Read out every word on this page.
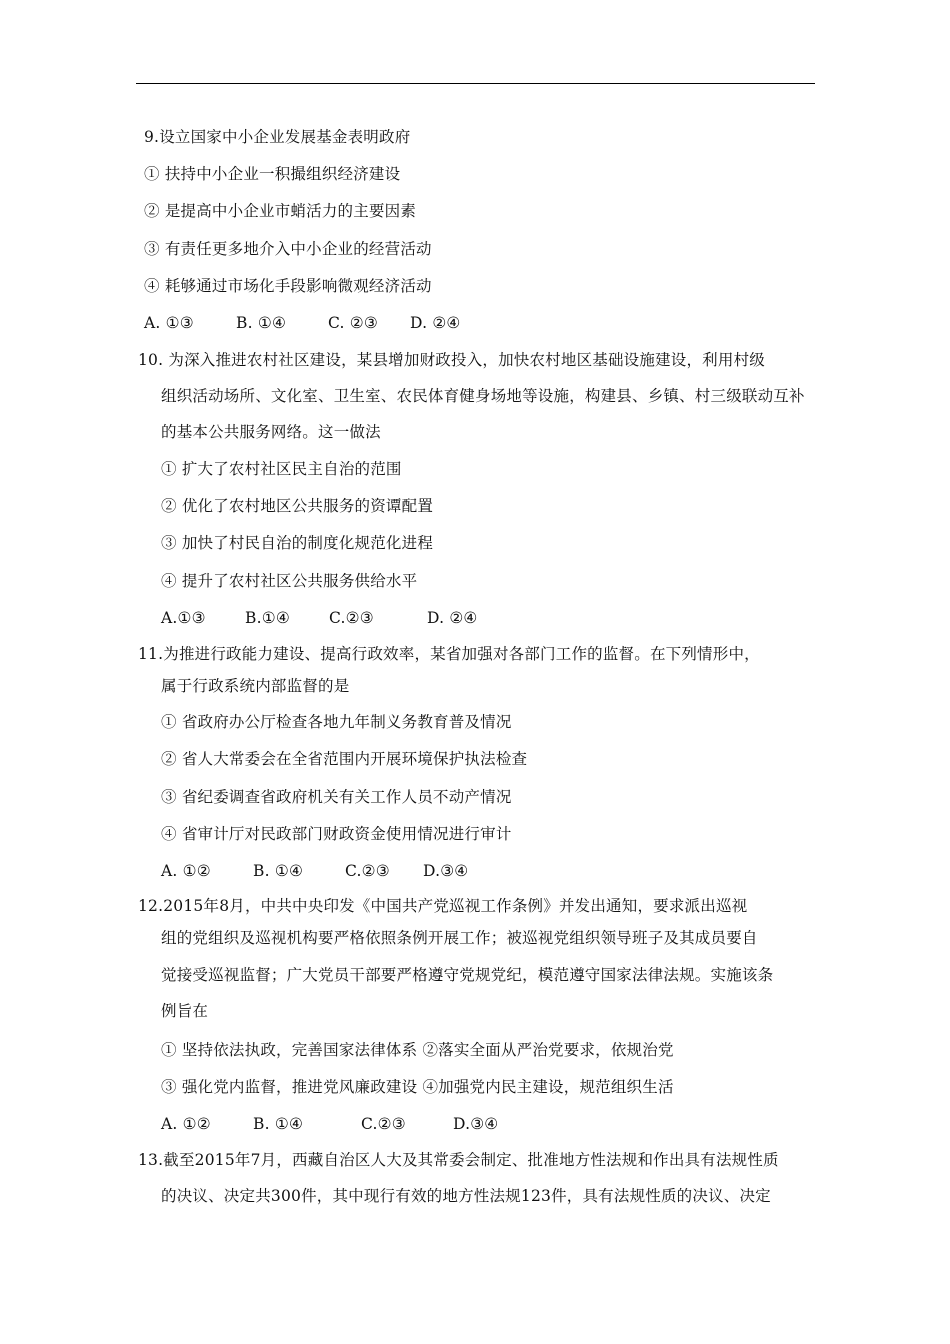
9.设立国家中小企业发展基金表明政府
① 扶持中小企业一积撮组织经济建设
② 是提高中小企业市蛸活力的主要因素
③ 有责任更多地介入中小企业的经营活动
④ 耗够通过市场化手段影响微观经济活动
A. ①③	B. ①④	C. ②③ D. ②④
10. 为深入推进农村社区建设，某县增加财政投入，加快农村地区基础设施建设，利用村级
组织活动场所、文化室、卫生室、农民体育健身场地等设施，构建县、乡镇、村三级联动互补
的基本公共服务网络。这一做法
① 扩大了农村社区民主自治的范围
② 优化了农村地区公共服务的资谭配置
③ 加快了村民自治的制度化规范化进程
④ 提升了农村社区公共服务供给水平
A.①③	B.①④	C.②③	D. ②④
11.为推进行政能力建设、提高行政效率，某省加强对各部门工作的监督。在下列情形中，
属于行政系统内部监督的是
① 省政府办公厅检查各地九年制义务教育普及情况
② 省人大常委会在全省范围内开展环境保护执法检查
③ 省纪委调查省政府机关有关工作人员不动产情况
④ 省审计厅对民政部门财政资金使用情况进行审计
A. ①②	B. ①④	C.②③ D.③④
12.2015年8月，中共中央印发《中国共产党巡视工作条例》并发出通知，要求派出巡视
组的党组织及巡视机构要严格依照条例开展工作；被巡视党组织领导班子及其成员要自
觉接受巡视监督；广大党员干部要严格遵守党规党纪，模范遵守国家法律法规。实施该条
例旨在
① 坚持依法执政，完善国家法律体系 ②落实全面从严治党要求，依规治党
③ 强化党内监督，推进党风廉政建设 ④加强党内民主建设，规范组织生活
A. ①②	B. ①④	C.②③	D.③④
13.截至2015年7月，西藏自治区人大及其常委会制定、批准地方性法规和作出具有法规性质
的决议、决定共300件，其中现行有效的地方性法规123件，具有法规性质的决议、决定
